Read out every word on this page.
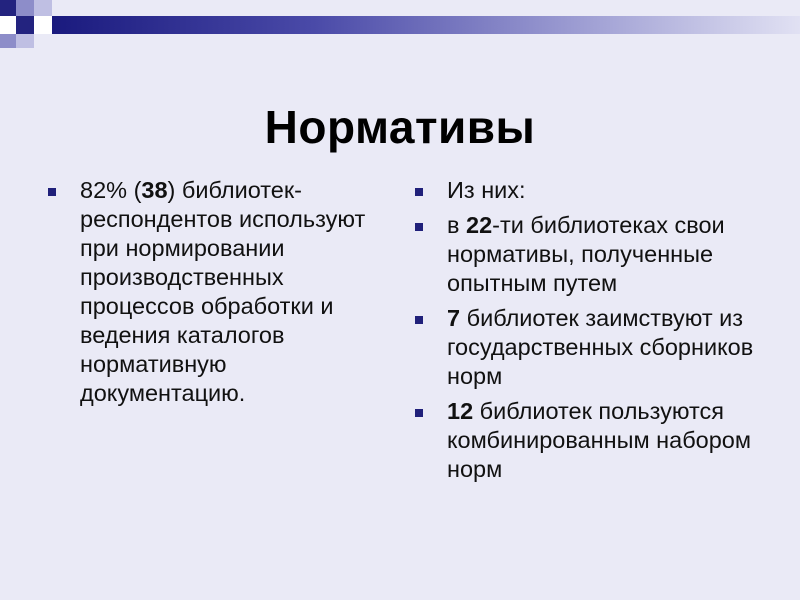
Нормативы
82% (38) библиотек-респондентов используют при нормировании производственных процессов обработки и ведения каталогов нормативную документацию.
Из них:
в 22-ти библиотеках свои нормативы, полученные опытным путем
7 библиотек заимствуют из государственных сборников норм
12 библиотек пользуются комбинированным набором норм
